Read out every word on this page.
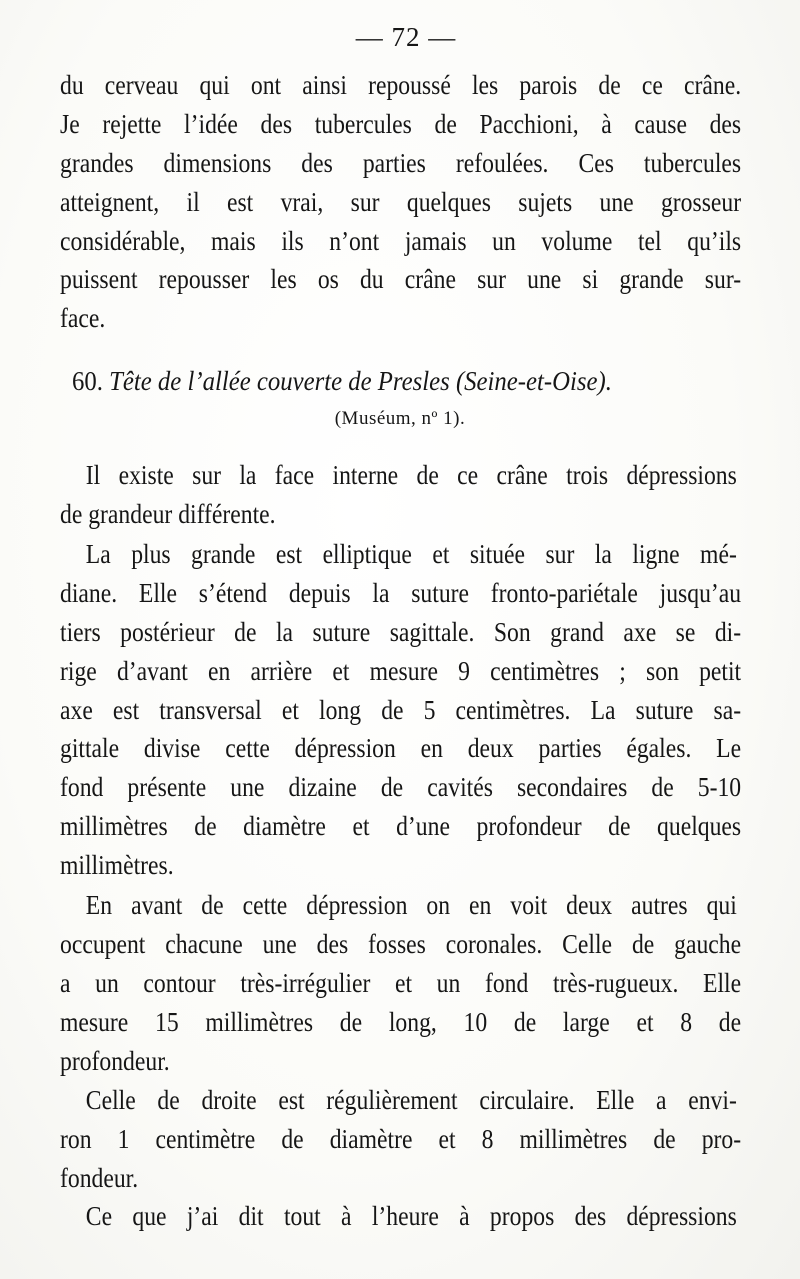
— 72 —
du cerveau qui ont ainsi repoussé les parois de ce crâne.
Je rejette l’idée des tubercules de Pacchioni, à cause des
grandes dimensions des parties refoulées. Ces tubercules
atteignent, il est vrai, sur quelques sujets une grosseur
considérable, mais ils n’ont jamais un volume tel qu’ils
puissent repousser les os du crâne sur une si grande sur-
face.
60. Tête de l’allée couverte de Presles (Seine-et-Oise).
(Muséum, nº 1).
Il existe sur la face interne de ce crâne trois dépressions
de grandeur différente.
La plus grande est elliptique et située sur la ligne mé-
diane. Elle s’étend depuis la suture fronto-pariétale jusqu’au
tiers postérieur de la suture sagittale. Son grand axe se di-
rige d’avant en arrière et mesure 9 centimètres ; son petit
axe est transversal et long de 5 centimètres. La suture sa-
gittale divise cette dépression en deux parties égales. Le
fond présente une dizaine de cavités secondaires de 5-10
millimètres de diamètre et d’une profondeur de quelques
millimètres.
En avant de cette dépression on en voit deux autres qui
occupent chacune une des fosses coronales. Celle de gauche
a un contour très-irrégulier et un fond très-rugueux. Elle
mesure 15 millimètres de long, 10 de large et 8 de
profondeur.
Celle de droite est régulièrement circulaire. Elle a envi-
ron 1 centimètre de diamètre et 8 millimètres de pro-
fondeur.
Ce que j’ai dit tout à l’heure à propos des dépressions
